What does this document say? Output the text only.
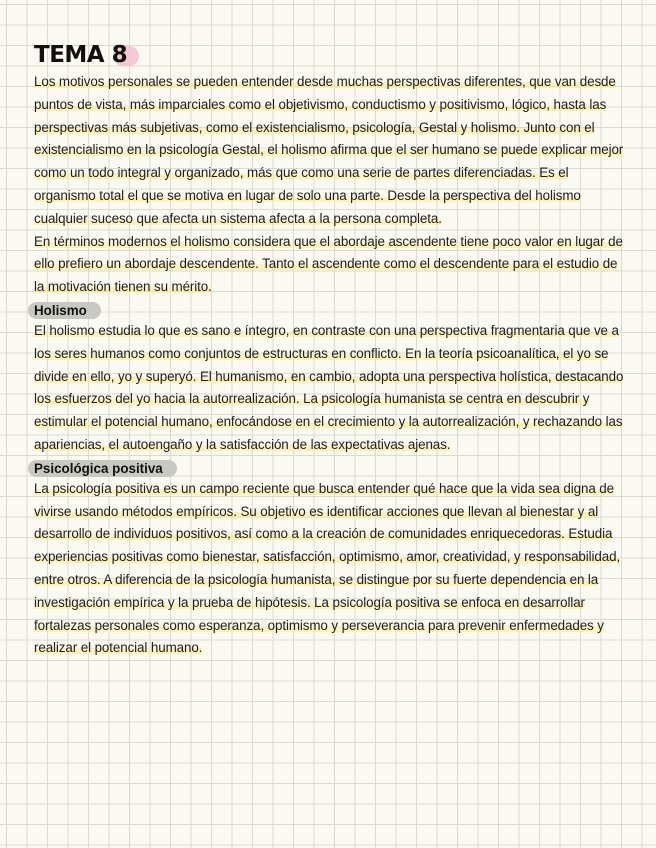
TEMA 8

Los motivos personales se pueden entender desde muchas perspectivas diferentes, que van desde puntos de vista, más imparciales como el objetivismo, conductismo y positivismo, lógico, hasta las perspectivas más subjetivas, como el existencialismo, psicología, Gestal y holismo. Junto con el existencialismo en la psicología Gestal, el holismo afirma que el ser humano se puede explicar mejor como un todo integral y organizado, más que como una serie de partes diferenciadas. Es el organismo total el que se motiva en lugar de solo una parte. Desde la perspectiva del holismo cualquier suceso que afecta un sistema afecta a la persona completa.

En términos modernos el holismo considera que el abordaje ascendente tiene poco valor en lugar de ello prefiero un abordaje descendente. Tanto el ascendente como el descendente para el estudio de la motivación tienen su mérito.

Holismo

El holismo estudia lo que es sano e íntegro, en contraste con una perspectiva fragmentaria que ve a los seres humanos como conjuntos de estructuras en conflicto. En la teoría psicoanalítica, el yo se divide en ello, yo y superyó. El humanismo, en cambio, adopta una perspectiva holística, destacando los esfuerzos del yo hacia la autorrealización. La psicología humanista se centra en descubrir y estimular el potencial humano, enfocándose en el crecimiento y la autorrealización, y rechazando las apariencias, el autoengaño y la satisfacción de las expectativas ajenas.

Psicológica positiva

La psicología positiva es un campo reciente que busca entender qué hace que la vida sea digna de vivirse usando métodos empíricos. Su objetivo es identificar acciones que llevan al bienestar y al desarrollo de individuos positivos, así como a la creación de comunidades enriquecedoras. Estudia experiencias positivas como bienestar, satisfacción, optimismo, amor, creatividad, y responsabilidad, entre otros. A diferencia de la psicología humanista, se distingue por su fuerte dependencia en la investigación empírica y la prueba de hipótesis. La psicología positiva se enfoca en desarrollar fortalezas personales como esperanza, optimismo y perseverancia para prevenir enfermedades y realizar el potencial humano.
